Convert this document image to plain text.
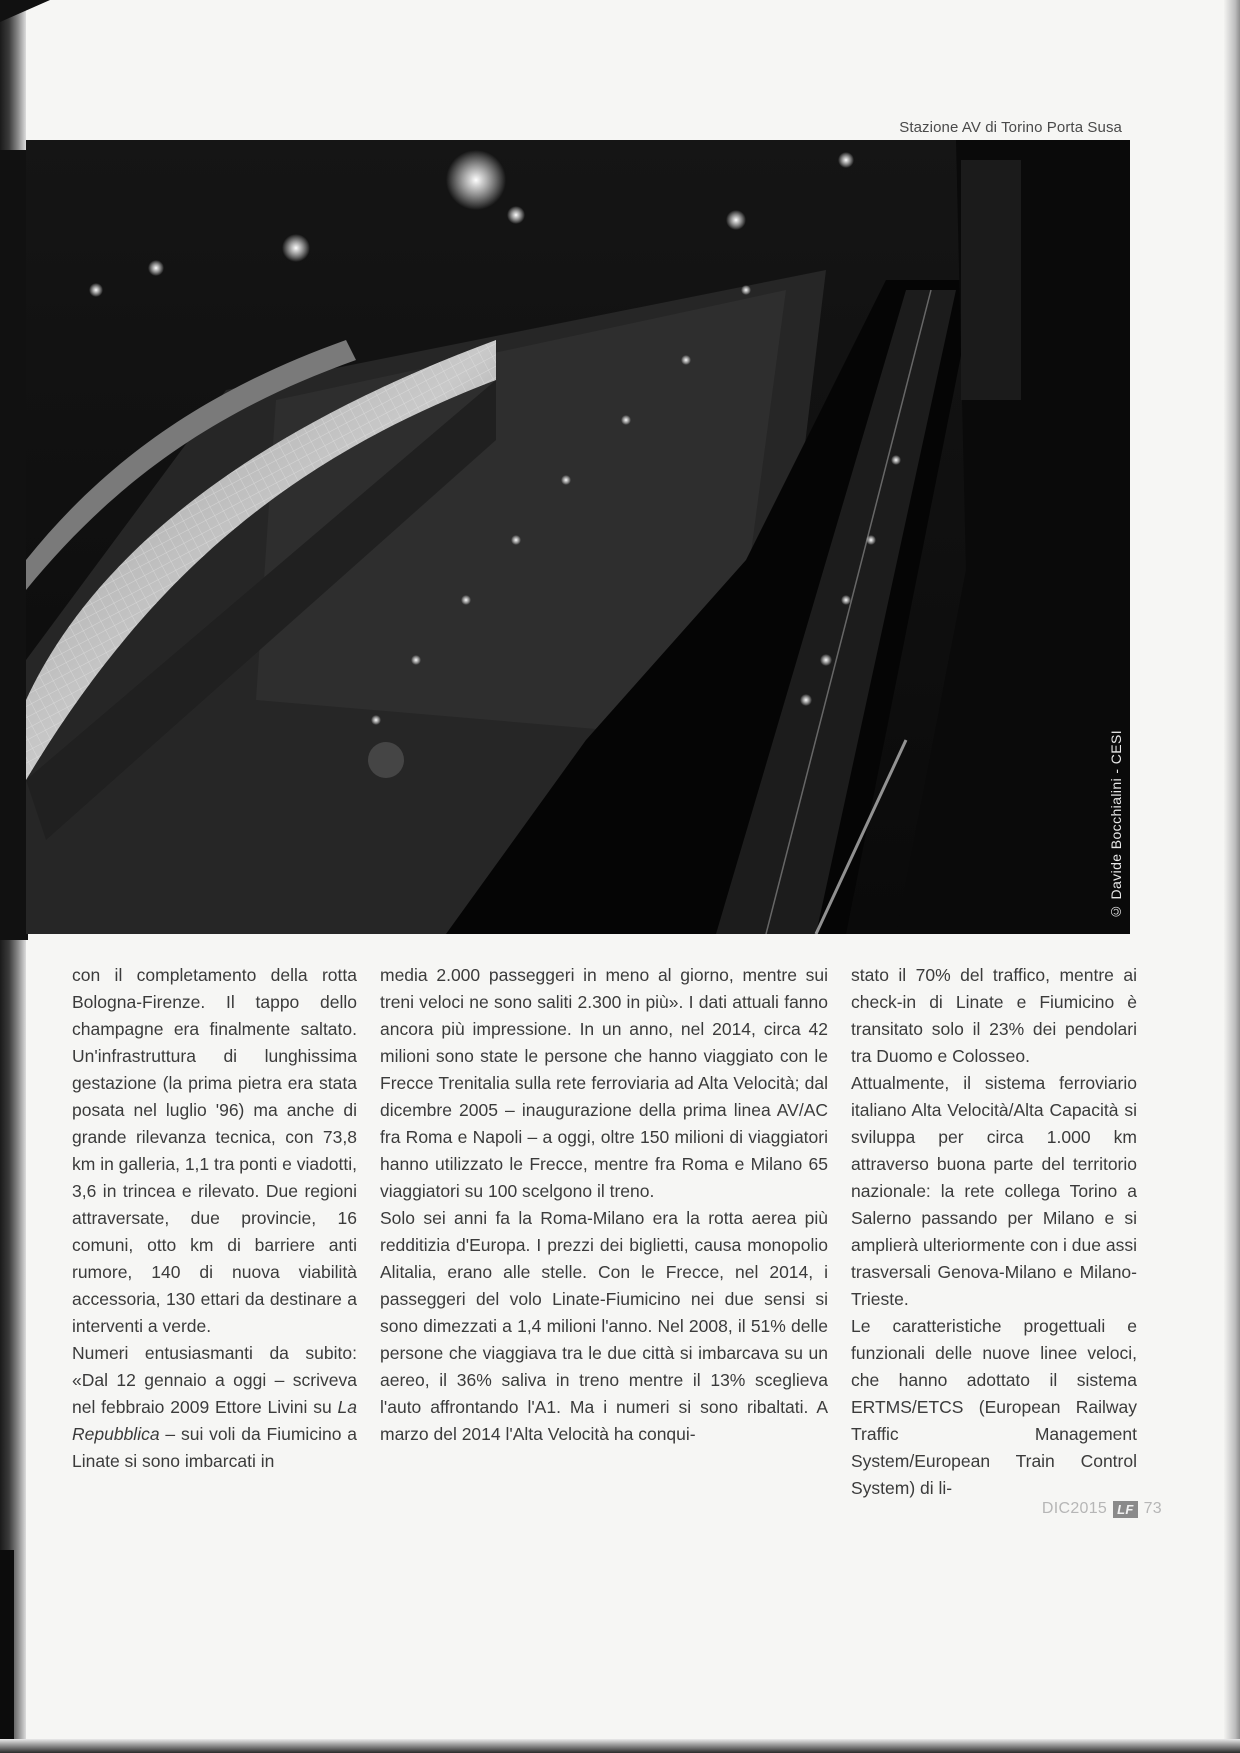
Stazione AV di Torino Porta Susa
© Davide Bocchialini - CESI

con il completamento della rotta Bologna-Firenze. Il tappo dello champagne era finalmente saltato. Un'infrastruttura di lunghissima gestazione (la prima pietra era stata posata nel luglio '96) ma anche di grande rilevanza tecnica, con 73,8 km in galleria, 1,1 tra ponti e viadotti, 3,6 in trincea e rilevato. Due regioni attraversate, due provincie, 16 comuni, otto km di barriere anti rumore, 140 di nuova viabilità accessoria, 130 ettari da destinare a interventi a verde.

Numeri entusiasmanti da subito: «Dal 12 gennaio a oggi – scriveva nel febbraio 2009 Ettore Livini su La Repubblica – sui voli da Fiumicino a Linate si sono imbarcati in

media 2.000 passeggeri in meno al giorno, mentre sui treni veloci ne sono saliti 2.300 in più». I dati attuali fanno ancora più impressione. In un anno, nel 2014, circa 42 milioni sono state le persone che hanno viaggiato con le Frecce Trenitalia sulla rete ferroviaria ad Alta Velocità; dal dicembre 2005 – inaugurazione della prima linea AV/AC fra Roma e Napoli – a oggi, oltre 150 milioni di viaggiatori hanno utilizzato le Frecce, mentre fra Roma e Milano 65 viaggiatori su 100 scelgono il treno.

Solo sei anni fa la Roma-Milano era la rotta aerea più redditizia d'Europa. I prezzi dei biglietti, causa monopolio Alitalia, erano alle stelle. Con le Frecce, nel 2014, i passeggeri del volo Linate-Fiumicino nei due sensi si sono dimezzati a 1,4 milioni l'anno. Nel 2008, il 51% delle persone che viaggiava tra le due città si imbarcava su un aereo, il 36% saliva in treno mentre il 13% sceglieva l'auto affrontando l'A1. Ma i numeri si sono ribaltati. A marzo del 2014 l'Alta Velocità ha conqui-

stato il 70% del traffico, mentre ai check-in di Linate e Fiumicino è transitato solo il 23% dei pendolari tra Duomo e Colosseo.

Attualmente, il sistema ferroviario italiano Alta Velocità/Alta Capacità si sviluppa per circa 1.000 km attraverso buona parte del territorio nazionale: la rete collega Torino a Salerno passando per Milano e si amplierà ulteriormente con i due assi trasversali Genova-Milano e Milano-Trieste.

Le caratteristiche progettuali e funzionali delle nuove linee veloci, che hanno adottato il sistema ERTMS/ETCS (European Railway Traffic Management System/European Train Control System) di li-

DIC2015 LF 73
